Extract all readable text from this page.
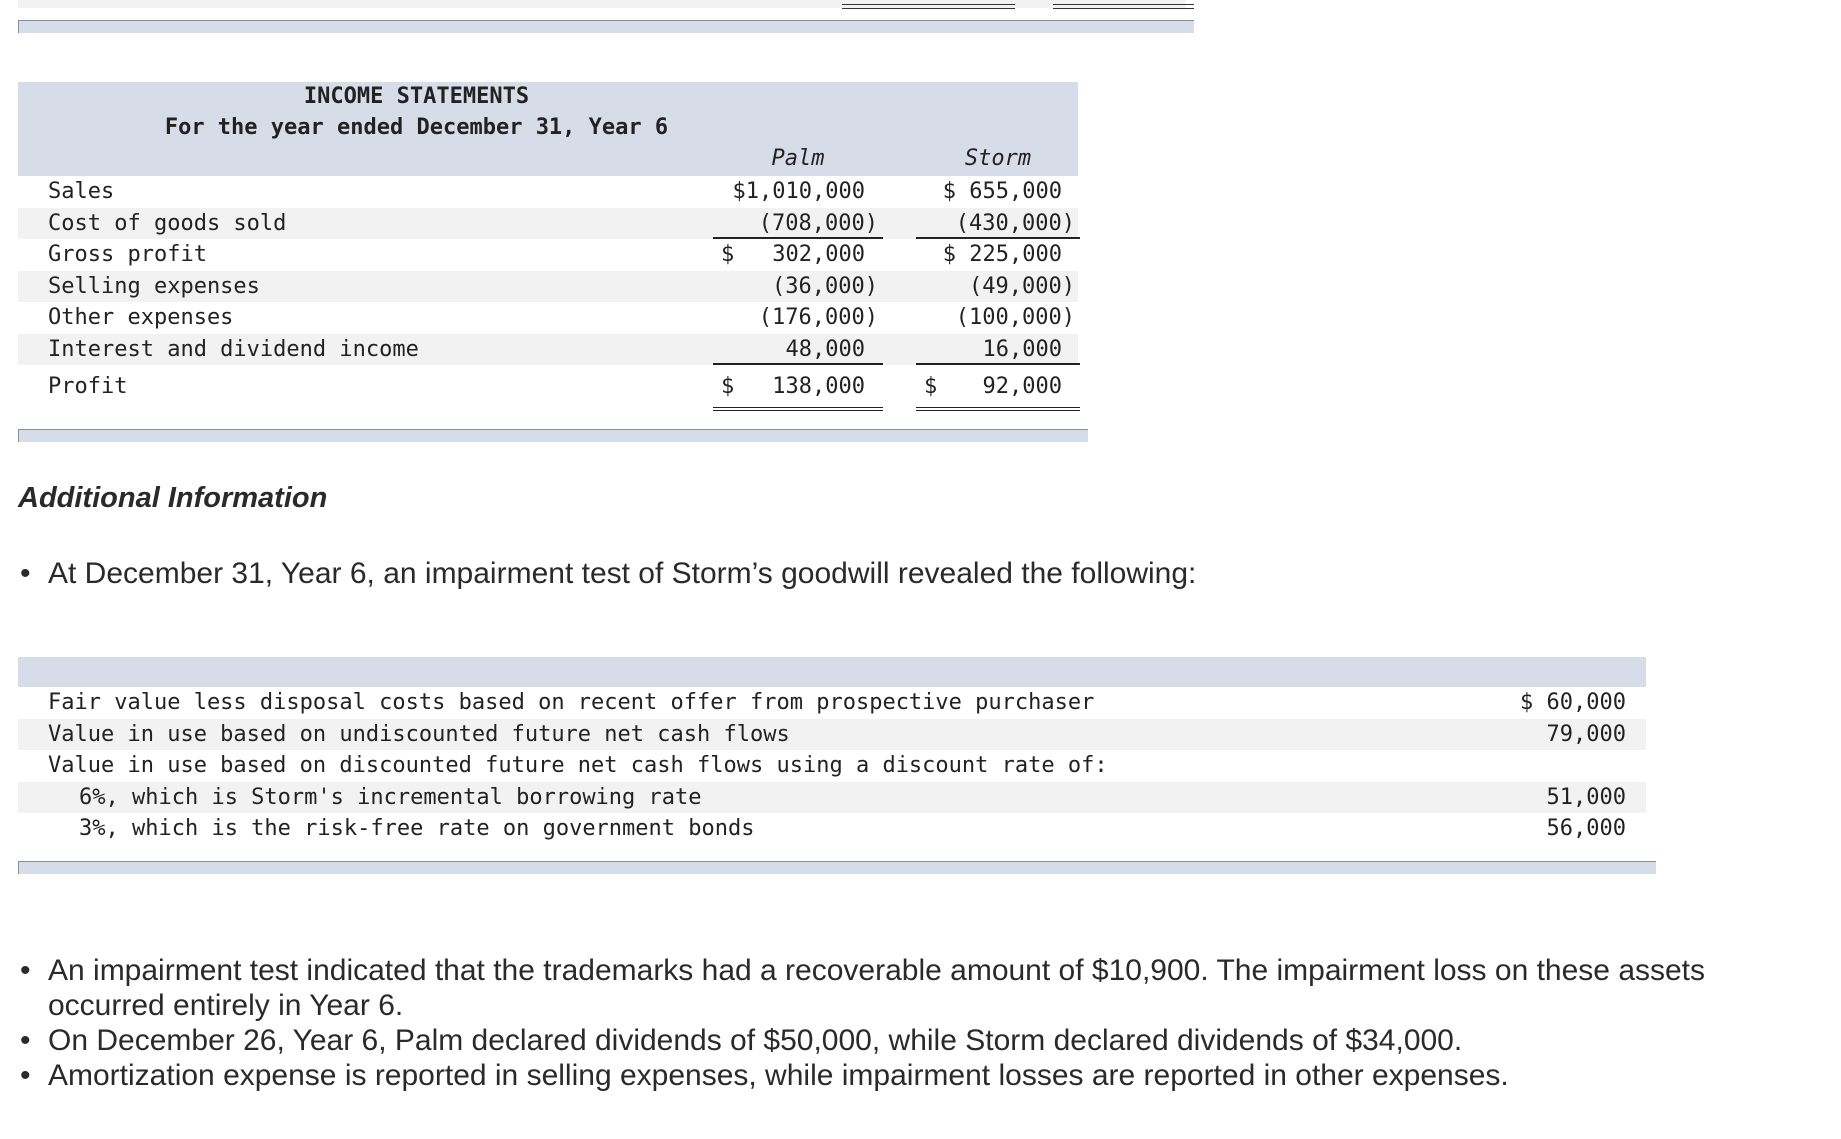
INCOME STATEMENTS
For the year ended December 31, Year 6
Palm	Storm
Sales	$1,010,000	$ 655,000
Cost of goods sold	(708,000)	(430,000)
Gross profit	$ 302,000	$ 225,000
Selling expenses	(36,000)	(49,000)
Other expenses	(176,000)	(100,000)
Interest and dividend income	48,000	16,000
Profit	$ 138,000	$ 92,000
Additional Information
• At December 31, Year 6, an impairment test of Storm’s goodwill revealed the following:
Fair value less disposal costs based on recent offer from prospective purchaser	$ 60,000
Value in use based on undiscounted future net cash flows	79,000
Value in use based on discounted future net cash flows using a discount rate of:
6%, which is Storm's incremental borrowing rate	51,000
3%, which is the risk-free rate on government bonds	56,000
• An impairment test indicated that the trademarks had a recoverable amount of $10,900. The impairment loss on these assets occurred entirely in Year 6.
• On December 26, Year 6, Palm declared dividends of $50,000, while Storm declared dividends of $34,000.
• Amortization expense is reported in selling expenses, while impairment losses are reported in other expenses.
